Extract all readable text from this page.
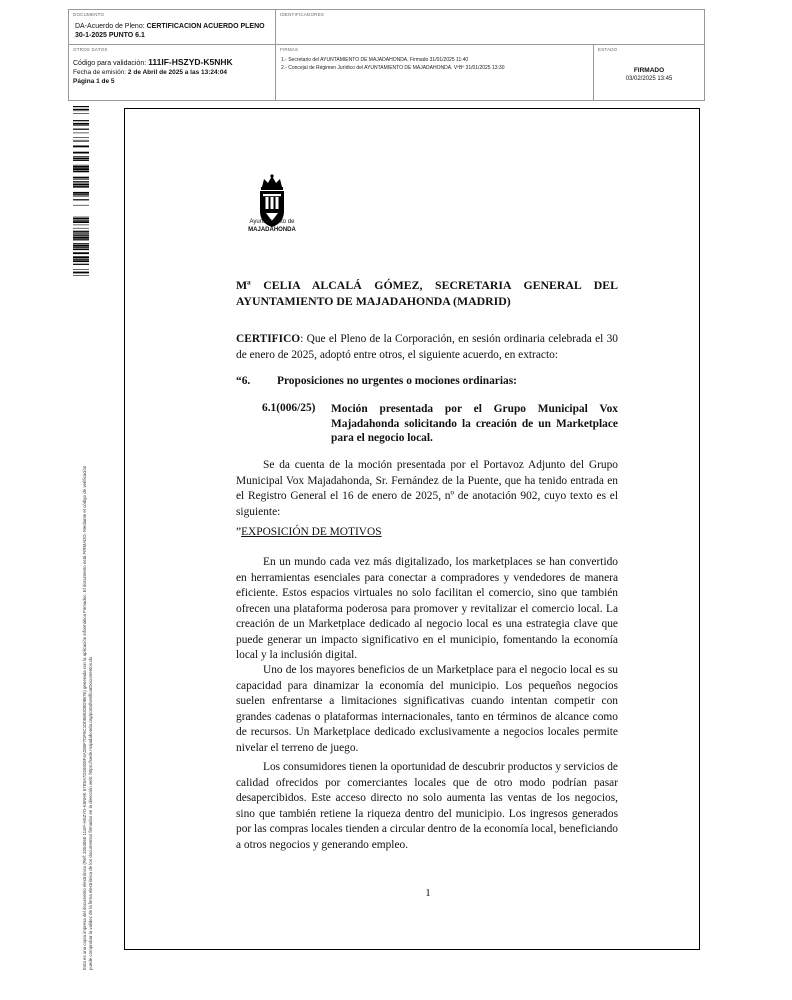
DOCUMENTO
DA-Acuerdo de Pleno: CERTIFICACION ACUERDO PLENO 30-1-2025 PUNTO 6.1
IDENTIFICADORES
OTROS DATOS
Código para validación: 111IF-HSZYD-K5NHK
Fecha de emisión: 2 de Abril de 2025 a las 13:24:04
Página 1 de 5
FIRMAS
1.- Secretario del AYUNTAMIENTO DE MAJADAHONDA. Firmado 31/01/2025 11:40
2.- Concejal de Régimen Jurídico del AYUNTAMIENTO DE MAJADAHONDA. VºBº 31/01/2025 13:30
ESTADO
FIRMADO
03/02/2025 13:45
Esta es una copia impresa del documento electrónico (Ref: 3263060 111IF-HSZYD-K5NHK 67E5A7D26928F4A285F7DF8C1D0585208D9B7E) generada con la aplicación informática Firmadoc. El documento está FIRMADO. Mediante el código de verificación puede comprobar la validez de la firma electrónica de los documentos firmados en la dirección web: https://sede.majadahonda.org/portal/verificarDocumentos.do
Ayuntamiento de
MAJADAHONDA
Mª CELIA ALCALÁ GÓMEZ, SECRETARIA GENERAL DEL AYUNTAMIENTO DE MAJADAHONDA (MADRID)
CERTIFICO: Que el Pleno de la Corporación, en sesión ordinaria celebrada el 30 de enero de 2025, adoptó entre otros, el siguiente acuerdo, en extracto:
“6. Proposiciones no urgentes o mociones ordinarias:
6.1(006/25) Moción presentada por el Grupo Municipal Vox Majadahonda solicitando la creación de un Marketplace para el negocio local.
Se da cuenta de la moción presentada por el Portavoz Adjunto del Grupo Municipal Vox Majadahonda, Sr. Fernández de la Puente, que ha tenido entrada en el Registro General el 16 de enero de 2025, nº de anotación 902, cuyo texto es el siguiente:
”EXPOSICIÓN DE MOTIVOS
En un mundo cada vez más digitalizado, los marketplaces se han convertido en herramientas esenciales para conectar a compradores y vendedores de manera eficiente. Estos espacios virtuales no solo facilitan el comercio, sino que también ofrecen una plataforma poderosa para promover y revitalizar el comercio local. La creación de un Marketplace dedicado al negocio local es una estrategia clave que puede generar un impacto significativo en el municipio, fomentando la economía local y la inclusión digital.
Uno de los mayores beneficios de un Marketplace para el negocio local es su capacidad para dinamizar la economía del municipio. Los pequeños negocios suelen enfrentarse a limitaciones significativas cuando intentan competir con grandes cadenas o plataformas internacionales, tanto en términos de alcance como de recursos. Un Marketplace dedicado exclusivamente a negocios locales permite nivelar el terreno de juego.
Los consumidores tienen la oportunidad de descubrir productos y servicios de calidad ofrecidos por comerciantes locales que de otro modo podrían pasar desapercibidos. Este acceso directo no solo aumenta las ventas de los negocios, sino que también retiene la riqueza dentro del municipio. Los ingresos generados por las compras locales tienden a circular dentro de la economía local, beneficiando a otros negocios y generando empleo.
1
